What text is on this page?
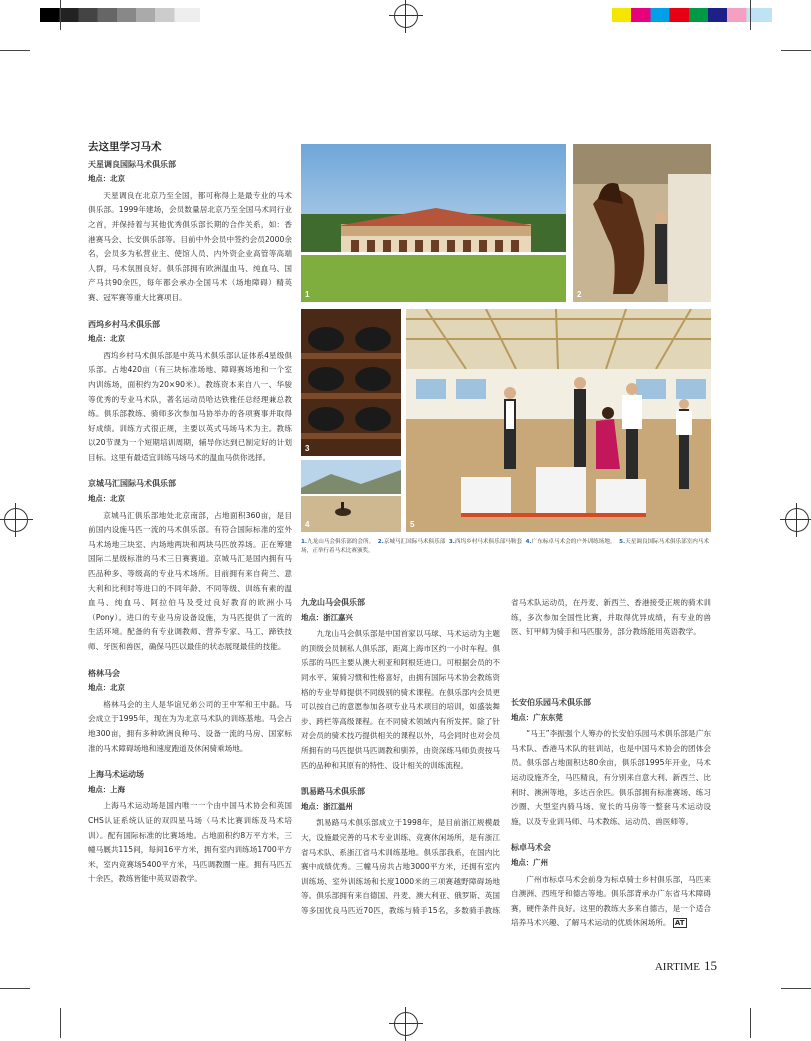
去这里学习马术
天星调良国际马术俱乐部
地点：北京

天星调良在北京乃至全国，都可称得上是最专业的马术俱乐部。1999年建场，会员数量居北京乃至全国马术同行业之首，并保持着与其他优秀俱乐部长期的合作关系，如：香港赛马会、长安俱乐部等。目前中外会员中签约会员2000余名，会员多为私营业主、使馆人员、内外资企业高管等高端人群，马术氛围良好。俱乐部拥有欧洲温血马、纯血马、国产马共90余匹，每年都会承办全国马术（场地障碍）精英赛、冠军赛等重大比赛项目。

西坞乡村马术俱乐部
地点：北京

西坞乡村马术俱乐部是中英马术俱乐部认证体系4星级俱乐部。占地420亩（有三块标准场地、障碍赛场地和一个室内训练场，面积约为20×90米）。教练资本来自八一、华骏等优秀的专业马术队，著名运动员哈达铁雅任总经理兼总教练。俱乐部教练、骑师多次参加马协举办的各项赛事并取得好成绩。训练方式很正规，主要以英式马场马术为主。教练以20节课为一个短期培训周期，辅导你达到已制定好的计划目标。这里有最适宜训练马场马术的温血马供你选择。

京城马汇国际马术俱乐部
地点：北京

京城马汇俱乐部地处北京南部，占地面积360亩，是目前国内设施马匹一流的马术俱乐部。有符合国际标准的室外马术场地三块室、内场地两块和两块马匹放养场。正在筹建国际二星级标准的马术三日赛赛道。京城马汇是国内拥有马匹品种多、等级高的专业马术场所。目前拥有来自荷兰、意大利和比利时等进口的不同年龄、不同等级、训练有素的温血马、纯血马、阿拉伯马及受过良好教育的欧洲小马（Pony）。进口的专业马房设备设施，为马匹提供了一流的生活环境。配备的有专业调教师、营养专家、马工、蹄铁技师、牙医和兽医，确保马匹以最佳的状态展现最佳的技能。

格林马会
地点：北京

格林马会的主人是华谊兄弟公司的王中军和王中磊。马会成立于1995年，现在为为北京马术队的训练基地。马会占地300亩，拥有多种欧洲良种马、设备一流的马房、国家标准的马术障碍场地和速度跑道及休闲骑乘场地。

上海马术运动场
地点：上海

上海马术运动场是国内唯一一个由中国马术协会和英国CHS认证系统认证的双四星马场（马术比赛训练及马术培训）。配有国际标准的比赛场地。占地面积约8万平方米，三幢马厩共115间，每间16平方米，拥有室内训练场1700平方米，室内竞赛场5400平方米，马匹调教圈一座。拥有马匹五十余匹，教练皆能中英双语教学。

1	2
3
4	5
1.九龙山马会俱乐部的会所。 2.京城马汇国际马术俱乐部 3.西坞乡村马术俱乐部马鞍套 4.广东标卓马术会的户外训练场地。 5.天星调良国际马术俱乐部室内马术场，正举行着马术比赛颁奖。
九龙山马会俱乐部
地点：浙江嘉兴

九龙山马会俱乐部是中国首家以马球、马术运动为主题的顶级会员制私人俱乐部，距离上海市区约一小时车程。俱乐部的马匹主要从澳大利亚和阿根廷进口。可根据会员的不同水平、策骑习惯和性格喜好，由拥有国际马术协会教练资格的专业导师提供不同级别的骑术课程。在俱乐部内会员更可以按自己的意愿参加各项专业马术项目的培训，如盛装舞步、跨栏等高级课程。在不同骑术领域内有所发挥。除了针对会员的骑术技巧提供相关的课程以外，马会同时也对会员所拥有的马匹提供马匹调教和驯养，由资深练马师负责按马匹的品种和其原有的特性、设计相关的训练流程。

凯易路马术俱乐部
地点：浙江温州

凯易路马术俱乐部成立于1998年，是目前浙江规模最大，设施最完善的马术专业训练、竞赛休闲场所，是有浙江省马术队、系浙江省马术训练基地。俱乐部我系，在国内比赛中成绩优秀。三幢马房共占地3000平方米，还拥有室内训练场、室外训练场和长度1000米的三项赛越野障碍场地等。俱乐部拥有来自德国、丹麦、澳大利亚、俄罗斯、英国等多国优良马匹近70匹，教练与骑手15名，多数骑手教练

省马术队运动员，在丹麦、新西兰、香港接受正规的骑术训练，多次参加全国性比赛，并取得优异成绩，有专业的兽医、钉甲师为骑手和马匹服务，部分教练能用英语教学。

长安伯乐园马术俱乐部
地点：广东东莞

“马王”李振强个人筹办的长安伯乐园马术俱乐部是广东马术队、香港马术队的驻训站，也是中国马术协会的团体会员。俱乐部占地面积达80余亩，俱乐部1995年开业，马术运动设施齐全，马匹精良，有分别来自意大利、新西兰、比利时、澳洲等地，多达百余匹。俱乐部拥有标准赛场、练习沙圈、大型室内骑马场、宽长的马房等一整套马术运动设施，以及专业训马师、马术教练、运动员、兽医师等。

标卓马术会
地点：广州

广州市标卓马术会前身为标卓骑士乡村俱乐部，马匹来自澳洲、西班牙和德古等地。俱乐部背承办广东省马术障碍赛，硬件条件良好。这里的教练大多来自德古，是一个适合培养马术兴趣、了解马术运动的优质休闲场所。 AT

AIRTIME 15
